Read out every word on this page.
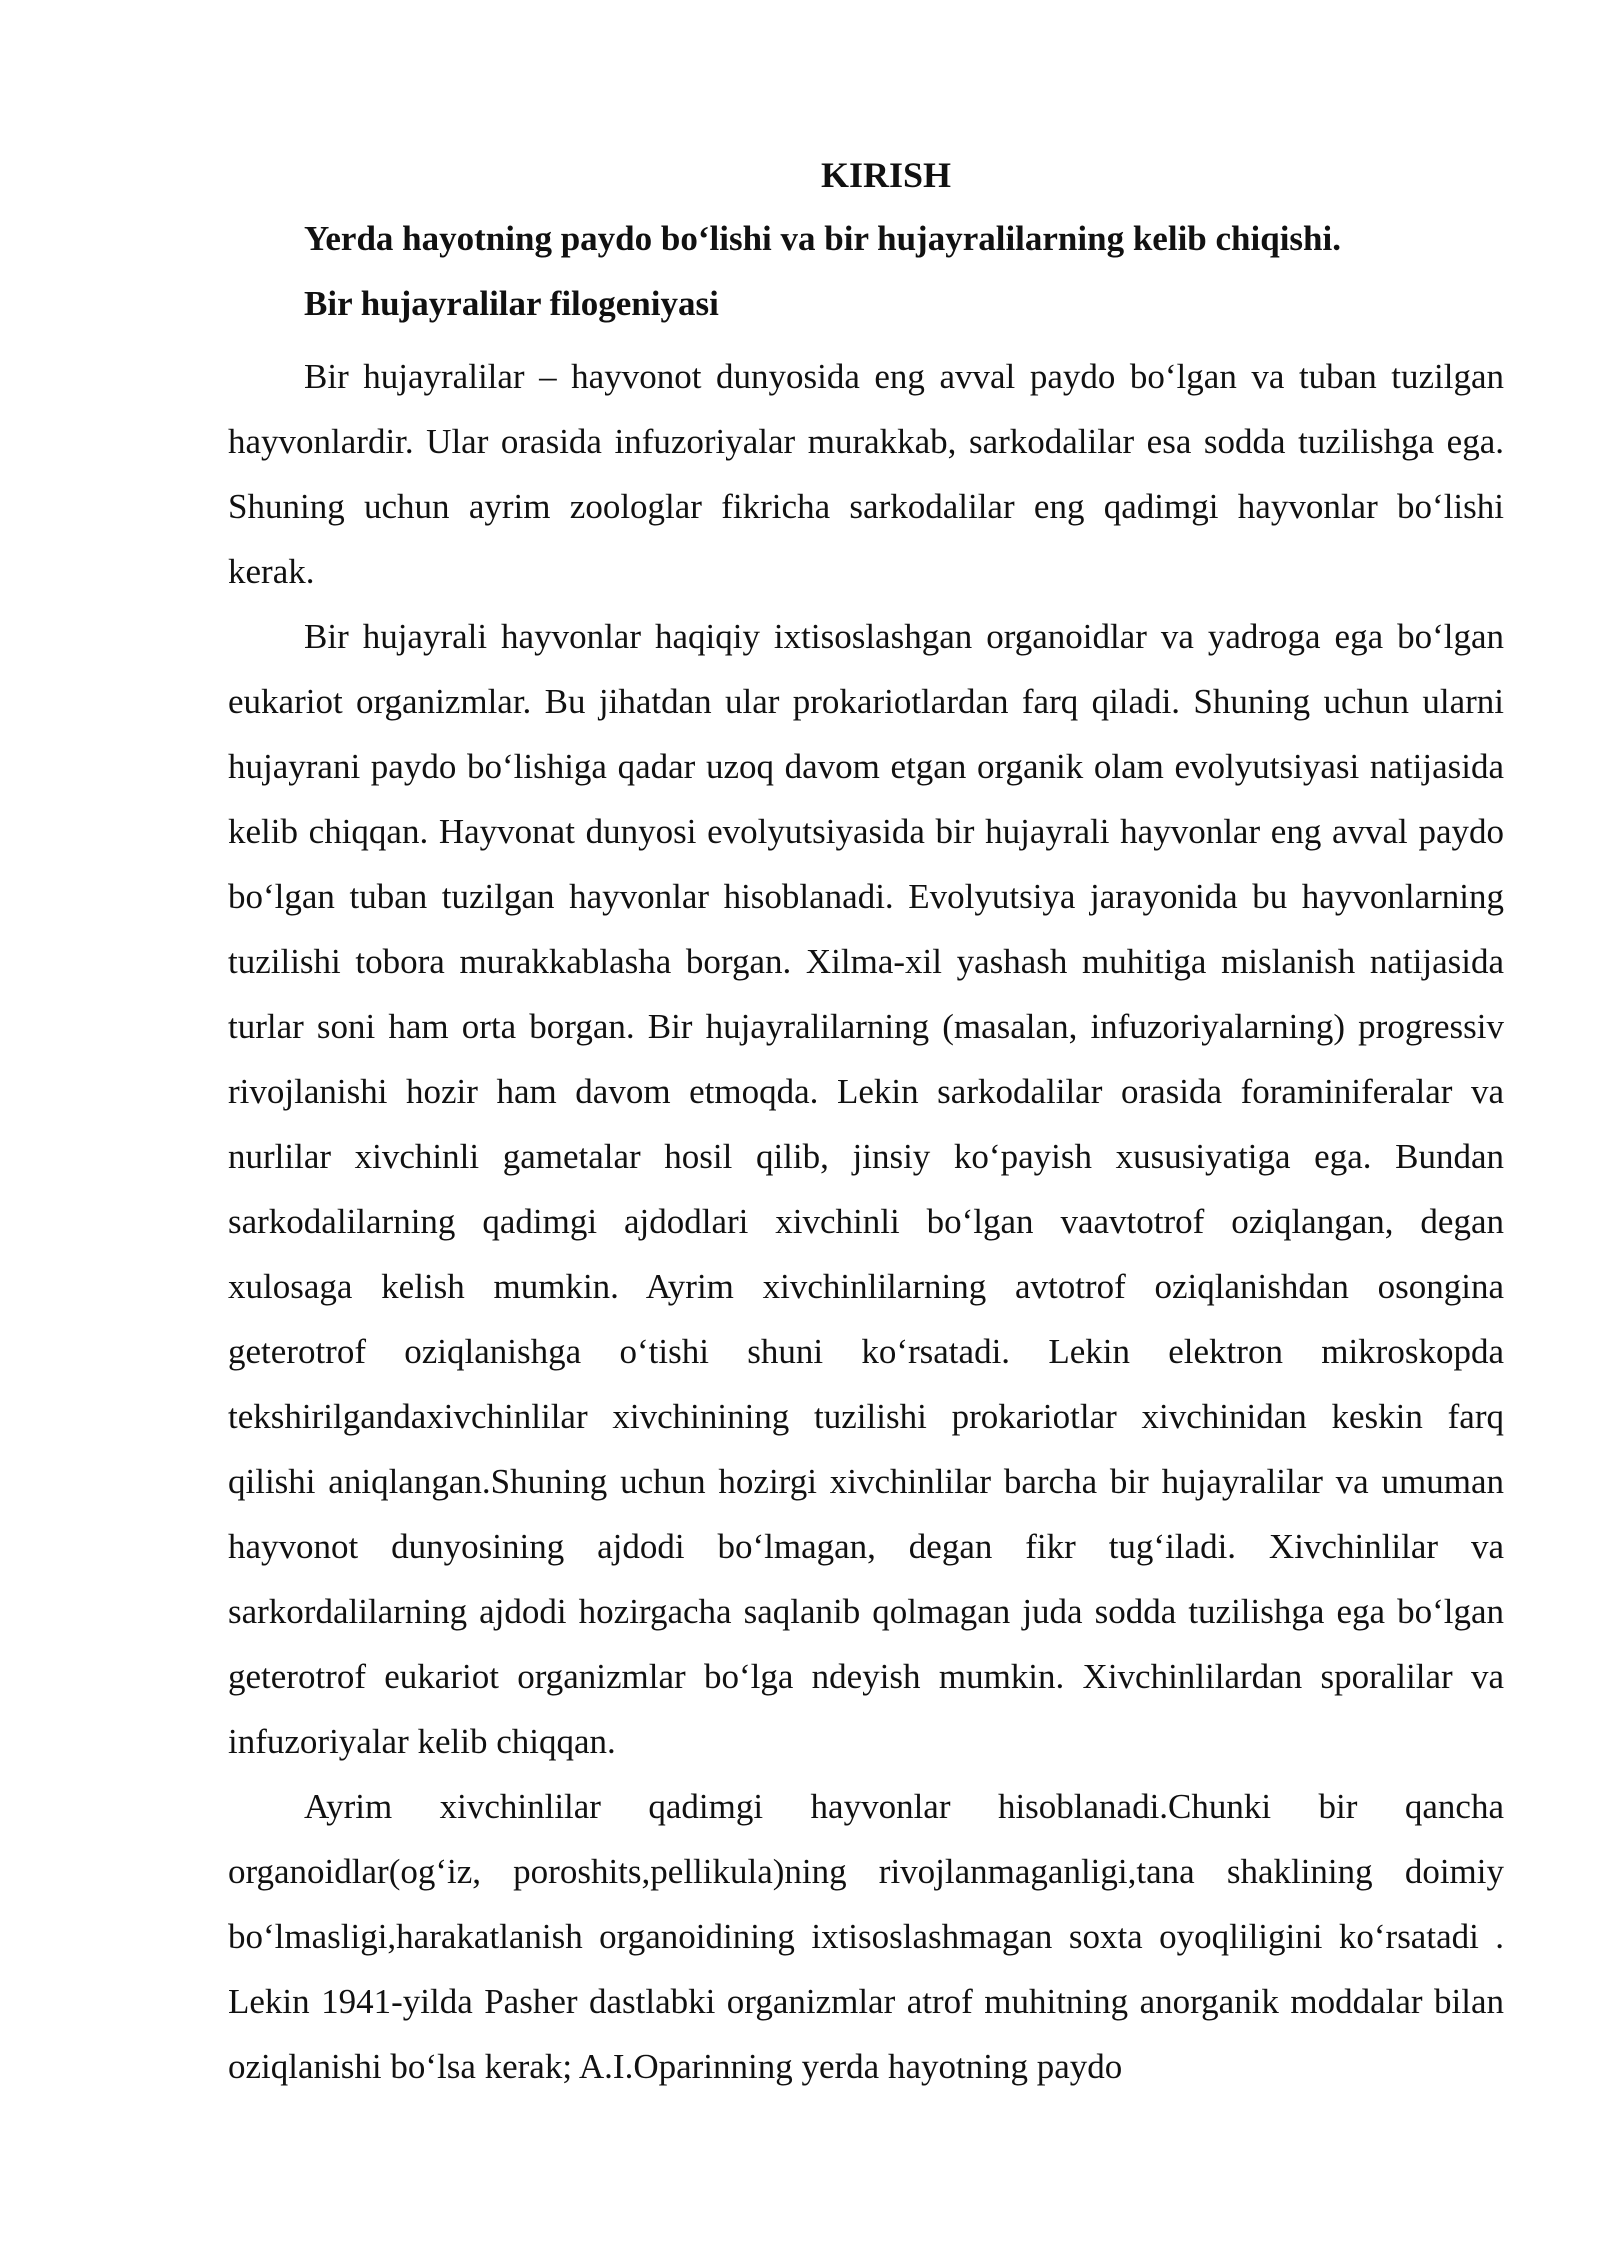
KIRISH
Yerda hayotning paydo bo‘lishi va bir hujayralilarning kelib chiqishi.
Bir hujayralilar filogeniyasi

Bir hujayralilar – hayvonot dunyosida eng avval paydo bo‘lgan va tuban tuzilgan hayvonlardir. Ular orasida infuzoriyalar murakkab, sarkodalilar esa sodda tuzilishga ega. Shuning uchun ayrim zoologlar fikricha sarkodalilar eng qadimgi hayvonlar bo‘lishi kerak.

Bir hujayrali hayvonlar haqiqiy ixtisoslashgan organoidlar va yadroga ega bo‘lgan eukariot organizmlar. Bu jihatdan ular prokariotlardan farq qiladi. Shuning uchun ularni hujayrani paydo bo‘lishiga qadar uzoq davom etgan organik olam evolyutsiyasi natijasida kelib chiqqan. Hayvonat dunyosi evolyutsiyasida bir hujayrali hayvonlar eng avval paydo bo‘lgan tuban tuzilgan hayvonlar hisoblanadi. Evolyutsiya jarayonida bu hayvonlarning tuzilishi tobora murakkablasha borgan. Xilma-xil yashash muhitiga mislanish natijasida turlar soni ham orta borgan. Bir hujayralilarning (masalan, infuzoriyalarning) progressiv rivojlanishi hozir ham davom etmoqda. Lekin sarkodalilar orasida foraminiferalar va nurlilar xivchinli gametalar hosil qilib, jinsiy ko‘payish xususiyatiga ega. Bundan sarkodalilarning qadimgi ajdodlari xivchinli bo‘lgan vaavtotrof oziqlangan, degan xulosaga kelish mumkin. Ayrim xivchinlilarning avtotrof oziqlanishdan osongina geterotrof oziqlanishga o‘tishi shuni ko‘rsatadi. Lekin elektron mikroskopda tekshirilgandaxivchinlilar xivchinining tuzilishi prokariotlar xivchinidan keskin farq qilishi aniqlangan.Shuning uchun hozirgi xivchinlilar barcha bir hujayralilar va umuman hayvonot dunyosining ajdodi bo‘lmagan, degan fikr tug‘iladi. Xivchinlilar va sarkordalilarning ajdodi hozirgacha saqlanib qolmagan juda sodda tuzilishga ega bo‘lgan geterotrof eukariot organizmlar bo‘lga ndeyish mumkin. Xivchinlilardan sporalilar va infuzoriyalar kelib chiqqan.

Ayrim xivchinlilar qadimgi hayvonlar hisoblanadi.Chunki bir qancha organoidlar(og‘iz, poroshits,pellikula)ning rivojlanmaganligi,tana shaklining doimiy bo‘lmasligi,harakatlanish organoidining ixtisoslashmagan soxta oyoqliligini ko‘rsatadi . Lekin 1941-yilda Pasher dastlabki organizmlar atrof muhitning anorganik moddalar bilan oziqlanishi bo‘lsa kerak; A.I.Oparinning yerda hayotning paydo
